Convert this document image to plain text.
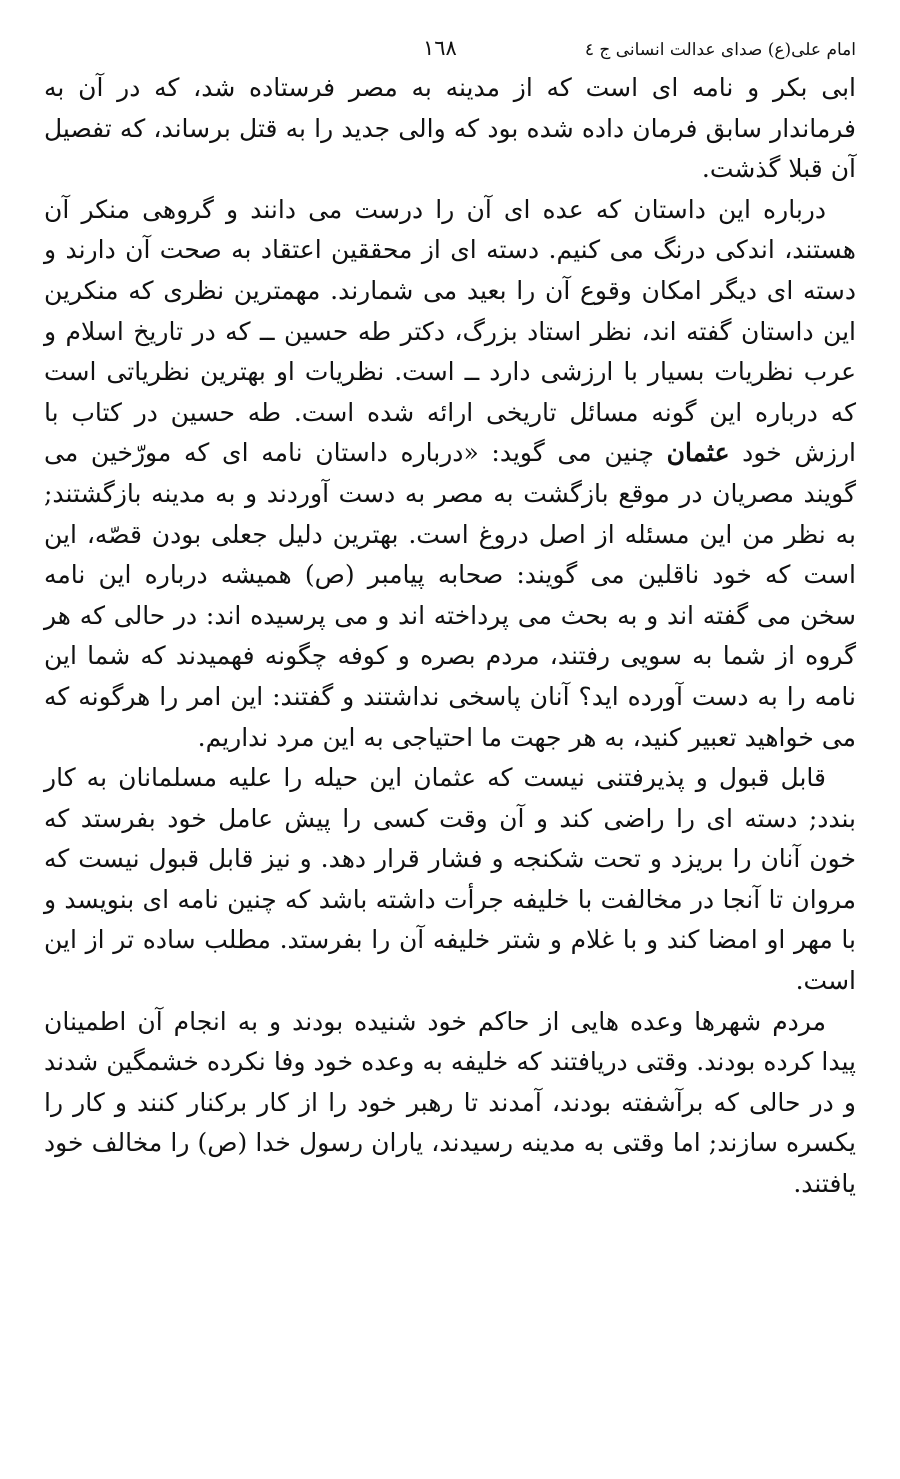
امام علی(ع) صدای عدالت انسانی ج ٤
١٦٨

ابی بکر و نامه ای است که از مدینه به مصر فرستاده شد، که در آن به فرماندار سابق فرمان داده شده بود که والی جدید را به قتل برساند، که تفصیل آن قبلا گذشت.

درباره این داستان که عده ای آن را درست می دانند و گروهی منکر آن هستند، اندکی درنگ می کنیم. دسته ای از محققین اعتقاد به صحت آن دارند و دسته ای دیگر امکان وقوع آن را بعید می شمارند. مهمترین نظری که منکرین این داستان گفته اند، نظر استاد بزرگ، دکتر طه حسین ــ که در تاریخ اسلام و عرب نظریات بسیار با ارزشی دارد ــ است. نظریات او بهترین نظریاتی است که درباره این گونه مسائل تاریخی ارائه شده است. طه حسین در کتاب با ارزش خود عثمان چنین می گوید: «درباره داستان نامه ای که مورّخین می گویند مصریان در موقع بازگشت به مصر به دست آوردند و به مدینه بازگشتند; به نظر من این مسئله از اصل دروغ است. بهترین دلیل جعلی بودن قصّه، این است که خود ناقلین می گویند: صحابه پیامبر (ص) همیشه درباره این نامه سخن می گفته اند و به بحث می پرداخته اند و می پرسیده اند: در حالی که هر گروه از شما به سویی رفتند، مردم بصره و کوفه چگونه فهمیدند که شما این نامه را به دست آورده اید؟ آنان پاسخی نداشتند و گفتند: این امر را هرگونه که می خواهید تعبیر کنید، به هر جهت ما احتیاجی به این مرد نداریم.

قابل قبول و پذیرفتنی نیست که عثمان این حیله را علیه مسلمانان به کار بندد; دسته ای را راضی کند و آن وقت کسی را پیش عامل خود بفرستد که خون آنان را بریزد و تحت شکنجه و فشار قرار دهد. و نیز قابل قبول نیست که مروان تا آنجا در مخالفت با خلیفه جرأت داشته باشد که چنین نامه ای بنویسد و با مهر او امضا کند و با غلام و شتر خلیفه آن را بفرستد. مطلب ساده تر از این است.

مردم شهرها وعده هایی از حاکم خود شنیده بودند و به انجام آن اطمینان پیدا کرده بودند. وقتی دریافتند که خلیفه به وعده خود وفا نکرده خشمگین شدند و در حالی که برآشفته بودند، آمدند تا رهبر خود را از کار برکنار کنند و کار را یکسره سازند; اما وقتی به مدینه رسیدند، یاران رسول خدا (ص) را مخالف خود یافتند.
